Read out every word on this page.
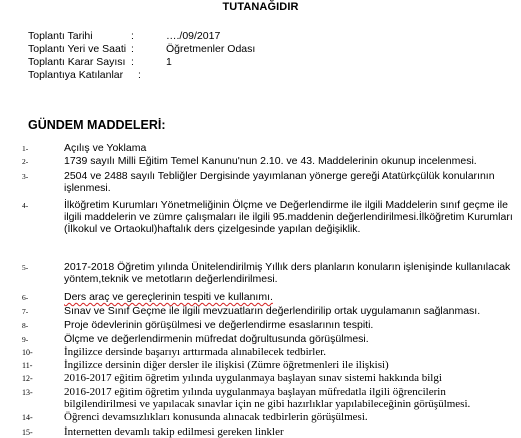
TUTANAĞIDIR
Toplantı Tarihi	:	…./09/2017
Toplantı Yeri ve Saati :	Öğretmenler Odası
Toplantı Karar Sayısı :	1
Toplantıya Katılanlar :
GÜNDEM MADDELERİ:
1-	Açılış ve Yoklama
2-	1739 sayılı Milli Eğitim Temel Kanunu'nun 2.10. ve 43. Maddelerinin okunup incelenmesi.
3-	2504 ve 2488 sayılı Tebliğler Dergisinde yayımlanan yönerge gereği Atatürkçülük konularının işlenmesi.
4-	İlköğretim Kurumları Yönetmeliğinin Ölçme ve Değerlendirme ile ilgili Maddelerin sınıf geçme ile ilgili maddelerin ve zümre çalışmaları ile ilgili 95.maddenin değerlendirilmesi.İlköğretim Kurumları (İlkokul ve Ortaokul)haftalık ders çizelgesinde yapılan değişiklik.
5-	2017-2018 Öğretim yılında Ünitelendirilmiş Yıllık ders planların konuların işlenişinde kullanılacak yöntem,teknik ve metotların değerlendirilmesi.
6-	Ders araç ve gereçlerinin tespiti ve kullanımı.
7-	Sınav ve Sınıf Geçme ile ilgili mevzuatların değerlendirilip ortak uygulamanın sağlanması.
8-	Proje ödevlerinin görüşülmesi ve değerlendirme esaslarının tespiti.
9-	Ölçme ve değerlendirmenin müfredat doğrultusunda görüşülmesi.
10-	İngilizce dersinde başarıyı arttırmada alınabilecek tedbirler.
11-	İngilizce dersinin diğer dersler ile ilişkisi (Zümre öğretmenleri ile ilişkisi)
12-	2016-2017 eğitim öğretim yılında uygulanmaya başlayan sınav sistemi hakkında bilgi
13-	2016-2017 eğitim öğretim yılında uygulanmaya başlayan müfredatla ilgili öğrencilerin bilgilendirilmesi ve yapılacak sınavlar için ne gibi hazırlıklar yapılabileceğinin görüşülmesi.
14-	Öğrenci devamsızlıkları konusunda alınacak tedbirlerin görüşülmesi.
15-	İnternetten devamlı takip edilmesi gereken linkler
